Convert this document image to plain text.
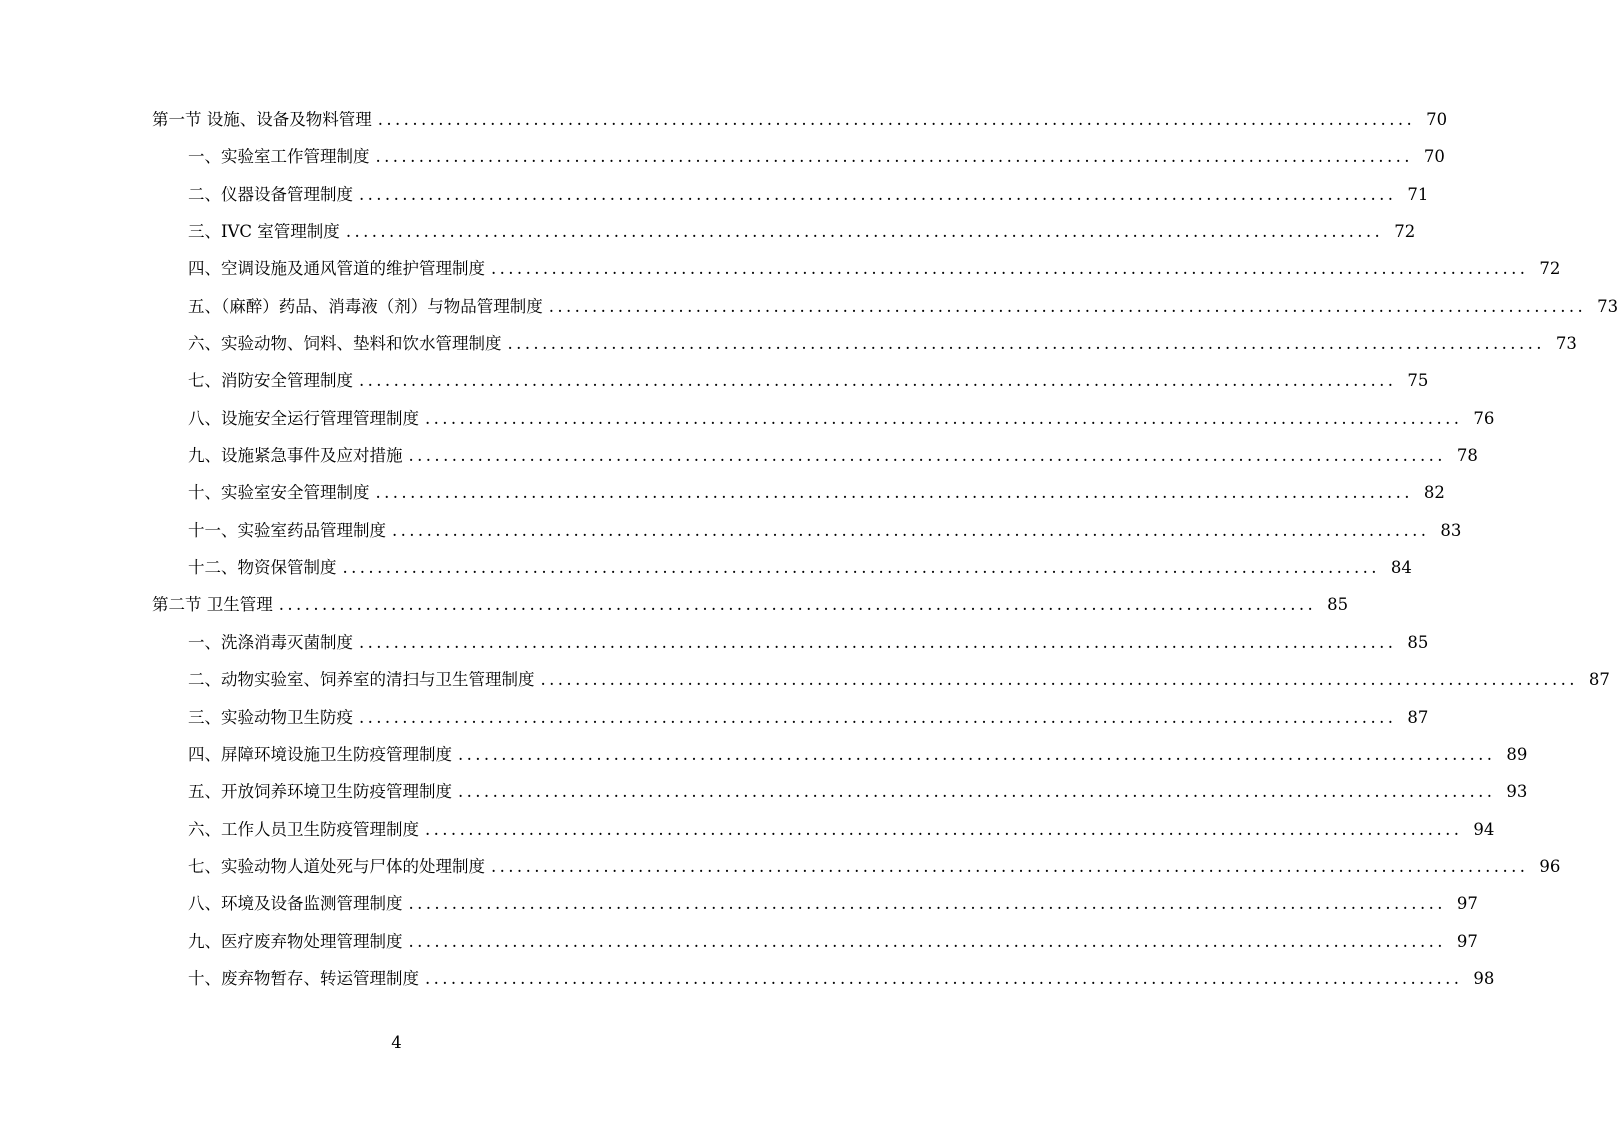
第一节 设施、设备及物料管理 ........................................................................................................................ 70
一、实验室工作管理制度 ........................................................................................................................ 70
二、仪器设备管理制度 ........................................................................................................................ 71
三、IVC 室管理制度 ........................................................................................................................ 72
四、空调设施及通风管道的维护管理制度 ........................................................................................................................ 72
五、（麻醉）药品、消毒液（剂）与物品管理制度 ........................................................................................................................ 73
六、实验动物、饲料、垫料和饮水管理制度 ........................................................................................................................ 73
七、消防安全管理制度 ........................................................................................................................ 75
八、设施安全运行管理管理制度 ........................................................................................................................ 76
九、设施紧急事件及应对措施 ........................................................................................................................ 78
十、实验室安全管理制度 ........................................................................................................................ 82
十一、实验室药品管理制度 ........................................................................................................................ 83
十二、物资保管制度 ........................................................................................................................ 84
第二节 卫生管理 ........................................................................................................................ 85
一、洗涤消毒灭菌制度 ........................................................................................................................ 85
二、动物实验室、饲养室的清扫与卫生管理制度 ........................................................................................................................ 87
三、实验动物卫生防疫 ........................................................................................................................ 87
四、屏障环境设施卫生防疫管理制度 ........................................................................................................................ 89
五、开放饲养环境卫生防疫管理制度 ........................................................................................................................ 93
六、工作人员卫生防疫管理制度 ........................................................................................................................ 94
七、实验动物人道处死与尸体的处理制度 ........................................................................................................................ 96
八、环境及设备监测管理制度 ........................................................................................................................ 97
九、医疗废弃物处理管理制度 ........................................................................................................................ 97
十、废弃物暂存、转运管理制度 ........................................................................................................................ 98
4
